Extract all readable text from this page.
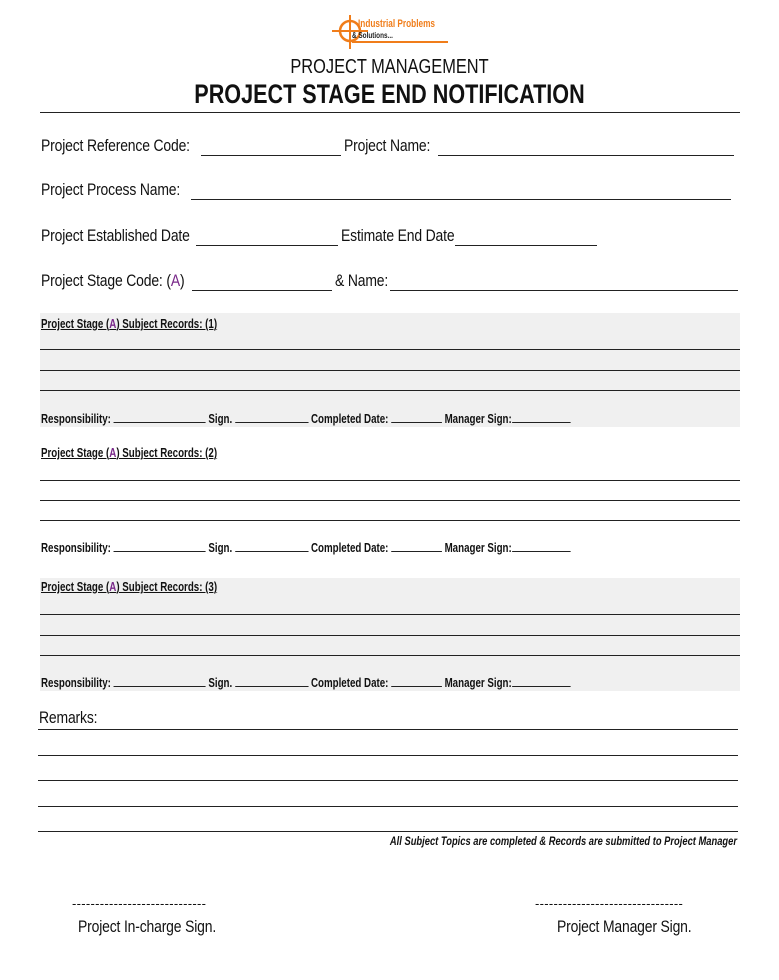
Industrial Problems
& Solutions...
PROJECT MANAGEMENT
PROJECT STAGE END NOTIFICATION
Project Reference Code:	Project Name:
Project Process Name:
Project Established Date	Estimate End Date
Project Stage Code: (A)	& Name:
Project Stage (A) Subject Records: (1)
Responsibility:	Sign.	Completed Date:	Manager Sign:
Project Stage (A) Subject Records: (2)
Responsibility:	Sign.	Completed Date:	Manager Sign:
Project Stage (A) Subject Records: (3)
Responsibility:	Sign.	Completed Date:	Manager Sign:
Remarks:
All Subject Topics are completed & Records are submitted to Project Manager
-----------------------------
Project In-charge Sign.
--------------------------------
Project Manager Sign.
